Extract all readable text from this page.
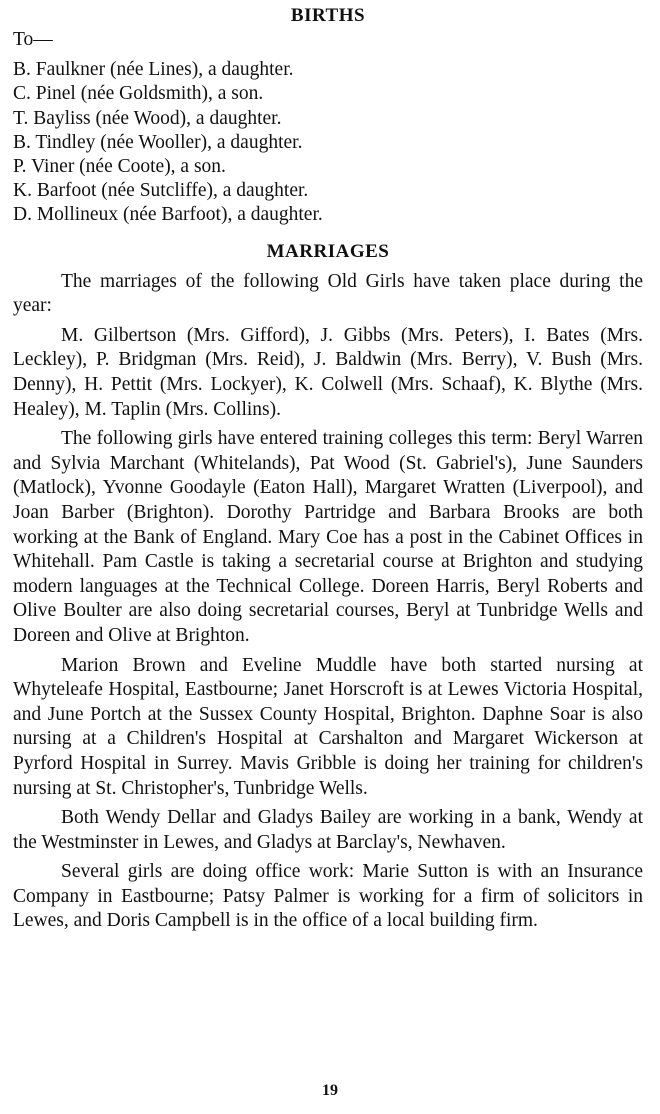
BIRTHS
To—
B. Faulkner (née Lines), a daughter.
C. Pinel (née Goldsmith), a son.
T. Bayliss (née Wood), a daughter.
B. Tindley (née Wooller), a daughter.
P. Viner (née Coote), a son.
K. Barfoot (née Sutcliffe), a daughter.
D. Mollineux (née Barfoot), a daughter.
MARRIAGES

The marriages of the following Old Girls have taken place during the year:

M. Gilbertson (Mrs. Gifford), J. Gibbs (Mrs. Peters), I. Bates (Mrs. Leckley), P. Bridgman (Mrs. Reid), J. Baldwin (Mrs. Berry), V. Bush (Mrs. Denny), H. Pettit (Mrs. Lockyer), K. Colwell (Mrs. Schaaf), K. Blythe (Mrs. Healey), M. Taplin (Mrs. Collins).

The following girls have entered training colleges this term: Beryl Warren and Sylvia Marchant (Whitelands), Pat Wood (St. Gabriel's), June Saunders (Matlock), Yvonne Goodayle (Eaton Hall), Margaret Wratten (Liverpool), and Joan Barber (Brighton). Dorothy Partridge and Barbara Brooks are both working at the Bank of England. Mary Coe has a post in the Cabinet Offices in Whitehall. Pam Castle is taking a secretarial course at Brighton and studying modern languages at the Technical College. Doreen Harris, Beryl Roberts and Olive Boulter are also doing secretarial courses, Beryl at Tunbridge Wells and Doreen and Olive at Brighton.

Marion Brown and Eveline Muddle have both started nursing at Whyteleafe Hospital, Eastbourne; Janet Horscroft is at Lewes Victoria Hospital, and June Portch at the Sussex County Hospital, Brighton. Daphne Soar is also nursing at a Children's Hospital at Carshalton and Margaret Wickerson at Pyrford Hospital in Surrey. Mavis Gribble is doing her training for children's nursing at St. Christopher's, Tunbridge Wells.

Both Wendy Dellar and Gladys Bailey are working in a bank, Wendy at the Westminster in Lewes, and Gladys at Barclay's, Newhaven.

Several girls are doing office work: Marie Sutton is with an Insurance Company in Eastbourne; Patsy Palmer is working for a firm of solicitors in Lewes, and Doris Campbell is in the office of a local building firm.

19
